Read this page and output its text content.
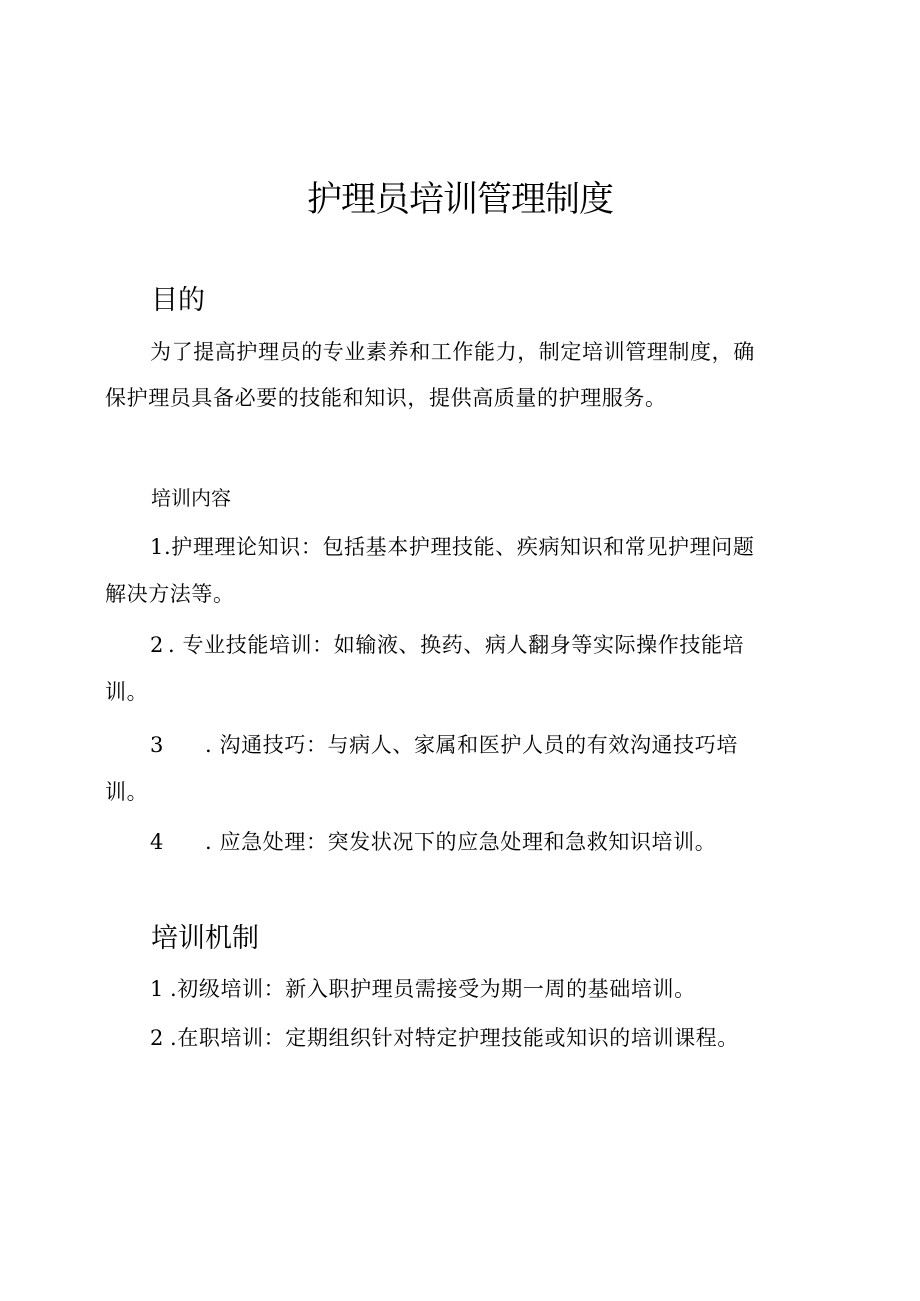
护理员培训管理制度
目的
为了提高护理员的专业素养和工作能力，制定培训管理制度，确
保护理员具备必要的技能和知识，提供高质量的护理服务。
培训内容
1.护理理论知识：包括基本护理技能、疾病知识和常见护理问题
解决方法等。
2 . 专业技能培训：如输液、换药、病人翻身等实际操作技能培
训。
3 . 沟通技巧：与病人、家属和医护人员的有效沟通技巧培
训。
4 . 应急处理：突发状况下的应急处理和急救知识培训。
培训机制
1 .初级培训：新入职护理员需接受为期一周的基础培训。
2 .在职培训：定期组织针对特定护理技能或知识的培训课程。
